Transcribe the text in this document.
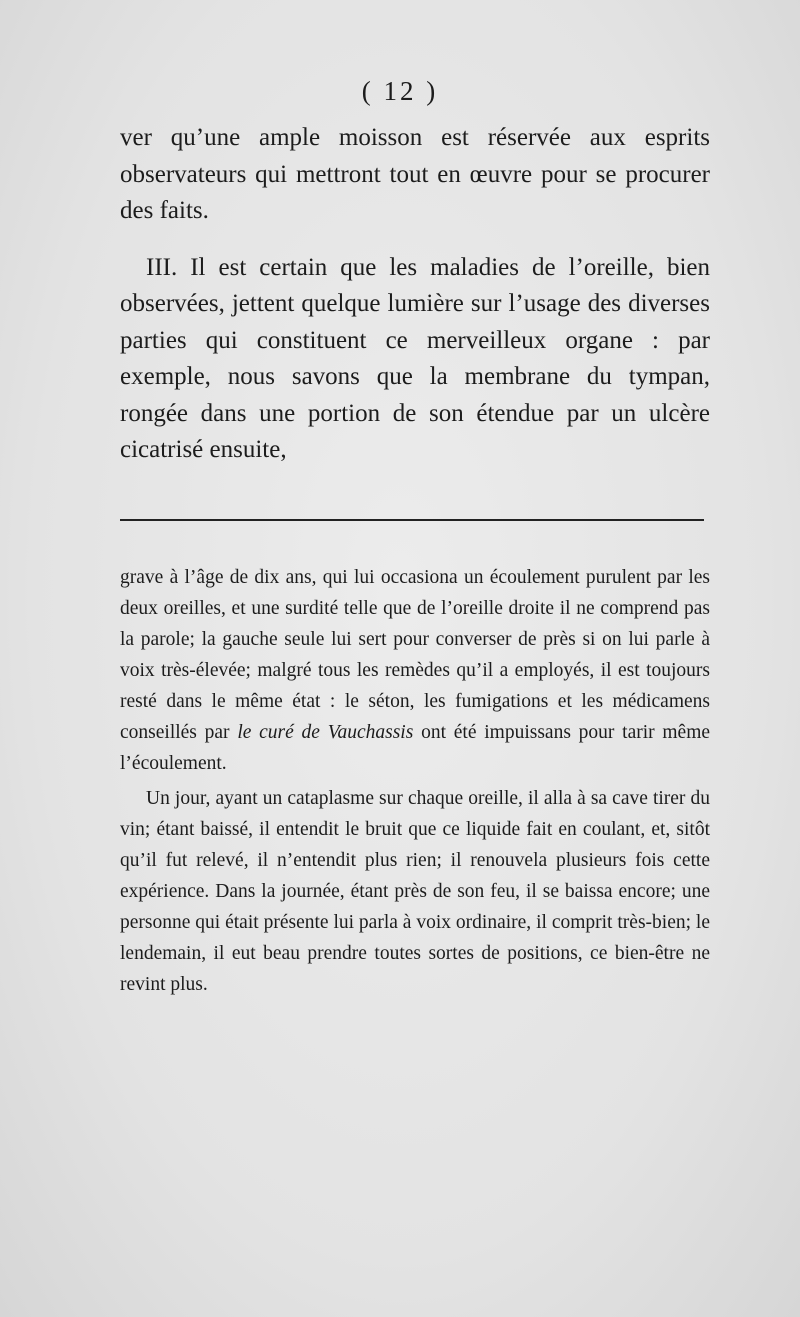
( 12 )

ver qu’une ample moisson est réservée aux esprits observateurs qui mettront tout en œuvre pour se procurer des faits.

III. Il est certain que les maladies de l’oreille, bien observées, jettent quelque lumière sur l’usage des diverses parties qui constituent ce merveilleux organe : par exemple, nous savons que la membrane du tympan, rongée dans une portion de son étendue par un ulcère cicatrisé ensuite,

grave à l’âge de dix ans, qui lui occasiona un écoulement purulent par les deux oreilles, et une surdité telle que de l’oreille droite il ne comprend pas la parole; la gauche seule lui sert pour converser de près si on lui parle à voix très-élevée; malgré tous les remèdes qu’il a employés, il est toujours resté dans le même état : le séton, les fumigations et les médicamens conseillés par le curé de Vauchassis ont été impuissans pour tarir même l’écoulement.

Un jour, ayant un cataplasme sur chaque oreille, il alla à sa cave tirer du vin; étant baissé, il entendit le bruit que ce liquide fait en coulant, et, sitôt qu’il fut relevé, il n’entendit plus rien; il renouvela plusieurs fois cette expérience. Dans la journée, étant près de son feu, il se baissa encore; une personne qui était présente lui parla à voix ordinaire, il comprit très-bien; le lendemain, il eut beau prendre toutes sortes de positions, ce bien-être ne revint plus.
